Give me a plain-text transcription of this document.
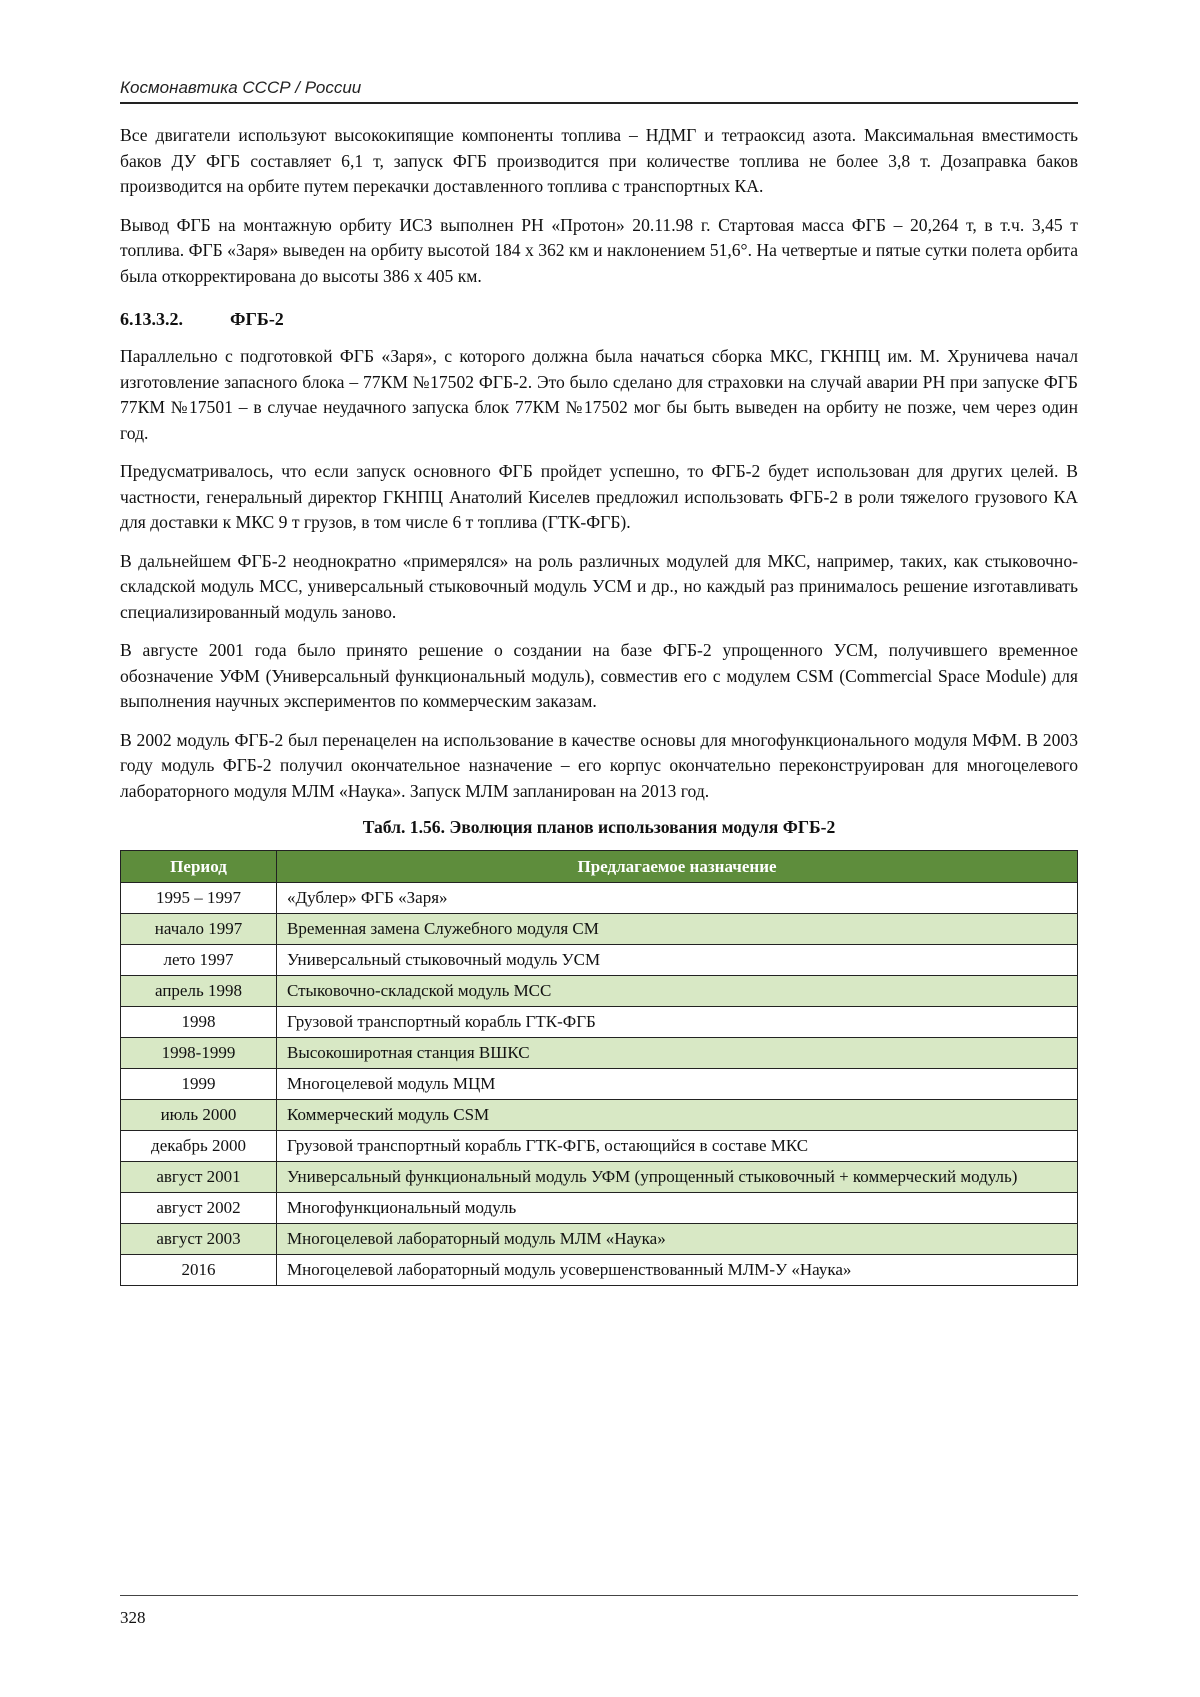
Космонавтика СССР / России

Все двигатели используют высококипящие компоненты топлива – НДМГ и тетраоксид азота. Максимальная вместимость баков ДУ ФГБ составляет 6,1 т, запуск ФГБ производится при количестве топлива не более 3,8 т. Дозаправка баков производится на орбите путем перекачки доставленного топлива с транспортных КА.

Вывод ФГБ на монтажную орбиту ИСЗ выполнен РН «Протон» 20.11.98 г. Стартовая масса ФГБ – 20,264 т, в т.ч. 3,45 т топлива. ФГБ «Заря» выведен на орбиту высотой 184 х 362 км и наклонением 51,6°. На четвертые и пятые сутки полета орбита была откорректирована до высоты 386 х 405 км.

6.13.3.2.	ФГБ-2

Параллельно с подготовкой ФГБ «Заря», с которого должна была начаться сборка МКС, ГКНПЦ им. М. Хруничева начал изготовление запасного блока – 77КМ №17502 ФГБ-2. Это было сделано для страховки на случай аварии РН при запуске ФГБ 77КМ №17501 – в случае неудачного запуска блок 77КМ №17502 мог бы быть выведен на орбиту не позже, чем через один год.

Предусматривалось, что если запуск основного ФГБ пройдет успешно, то ФГБ-2 будет использован для других целей. В частности, генеральный директор ГКНПЦ Анатолий Киселев предложил использовать ФГБ-2 в роли тяжелого грузового КА для доставки к МКС 9 т грузов, в том числе 6 т топлива (ГТК-ФГБ).

В дальнейшем ФГБ-2 неоднократно «примерялся» на роль различных модулей для МКС, например, таких, как стыковочно-складской модуль МСС, универсальный стыковочный модуль УСМ и др., но каждый раз принималось решение изготавливать специализированный модуль заново.

В августе 2001 года было принято решение о создании на базе ФГБ-2 упрощенного УСМ, получившего временное обозначение УФМ (Универсальный функциональный модуль), совместив его с модулем CSM (Commercial Space Module) для выполнения научных экспериментов по коммерческим заказам.

В 2002 модуль ФГБ-2 был перенацелен на использование в качестве основы для многофункционального модуля МФМ. В 2003 году модуль ФГБ-2 получил окончательное назначение – его корпус окончательно переконструирован для многоцелевого лабораторного модуля МЛМ «Наука». Запуск МЛМ запланирован на 2013 год.

Табл. 1.56. Эволюция планов использования модуля ФГБ-2
Период	Предлагаемое назначение
1995 – 1997	«Дублер» ФГБ «Заря»
начало 1997	Временная замена Служебного модуля СМ
лето 1997	Универсальный стыковочный модуль УСМ
апрель 1998	Стыковочно-складской модуль МСС
1998	Грузовой транспортный корабль ГТК-ФГБ
1998-1999	Высокоширотная станция ВШКС
1999	Многоцелевой модуль МЦМ
июль 2000	Коммерческий модуль CSM
декабрь 2000	Грузовой транспортный корабль ГТК-ФГБ, остающийся в составе МКС
август 2001	Универсальный функциональный модуль УФМ (упрощенный стыковочный + коммерческий модуль)
август 2002	Многофункциональный модуль
август 2003	Многоцелевой лабораторный модуль МЛМ «Наука»
2016	Многоцелевой лабораторный модуль усовершенствованный МЛМ-У «Наука»
328
